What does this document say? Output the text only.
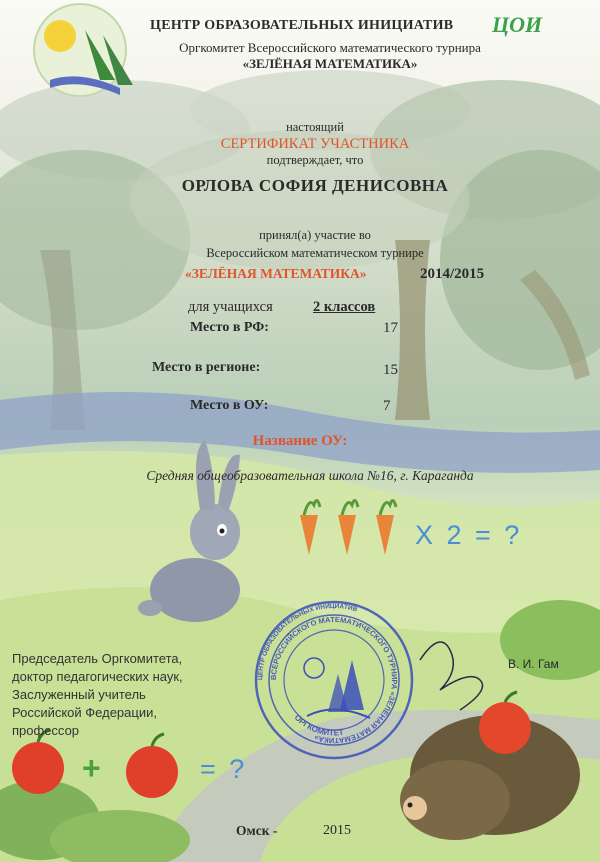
ЦЕНТР ОБРАЗОВАТЕЛЬНЫХ ИНИЦИАТИВ ЦОИ
Оргкомитет Всероссийского математического турнира
«ЗЕЛЁНАЯ МАТЕМАТИКА»
настоящий
СЕРТИФИКАТ УЧАСТНИКА
подтверждает, что
ОРЛОВА СОФИЯ ДЕНИСОВНА
принял(а) участие во
Всероссийском математическом турнире
«ЗЕЛЁНАЯ МАТЕМАТИКА»	2014/2015
для учащихся	2 классов
Место в РФ:	17
Место в регионе:	15
Место в ОУ:	7
Название ОУ:
Средняя общеобразовательная школа №16, г. Караганда
X 2 = ?
+	= ?
Председатель Оргкомитета,
доктор педагогических наук,
Заслуженный учитель
Российской Федерации,
профессор
В. И. Гам
ЦЕНТР ОБРАЗОВАТЕЛЬНЫХ ИНИЦИАТИВ
ВСЕРОССИЙСКОГО МАТЕМАТИЧЕСКОГО ТУРНИРА «ЗЕЛЁНАЯ МАТЕМАТИКА»
ОРГКОМИТЕТ
Омск -	2015
